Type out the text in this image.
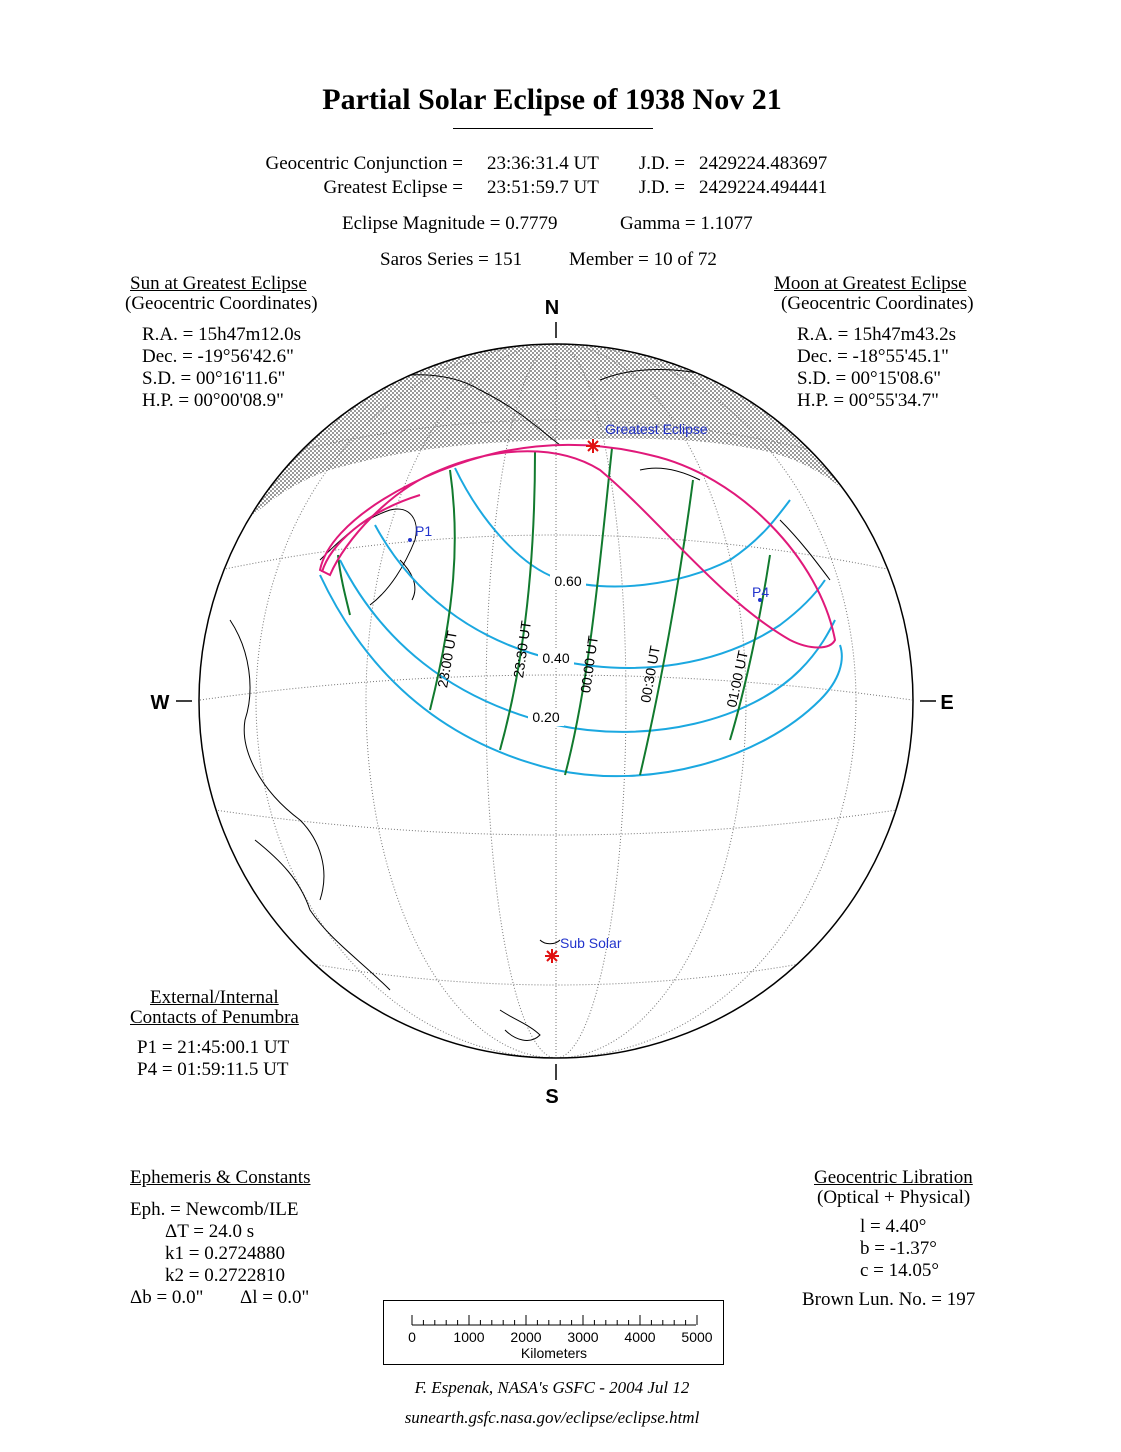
Partial Solar Eclipse of 1938 Nov 21
Geocentric Conjunction = 23:36:31.4 UT J.D. = 2429224.483697
Greatest Eclipse = 23:51:59.7 UT J.D. = 2429224.494441
Eclipse Magnitude = 0.7779	Gamma = 1.1077
Saros Series = 151 Member = 10 of 72
Sun at Greatest Eclipse
(Geocentric Coordinates)
R.A. = 15h47m12.0s
Dec. = -19°56'42.6"
S.D. = 00°16'11.6"
H.P. = 00°00'08.9"
Moon at Greatest Eclipse
(Geocentric Coordinates)
R.A. = 15h47m43.2s
Dec. = -18°55'45.1"
S.D. = 00°15'08.6"
H.P. = 00°55'34.7"
N
S
W	E
Greatest Eclipse
Sub Solar
P1
P4
0.60
0.40
0.20
23:00 UT	23:30 UT	00:00 UT	00:30 UT	01:00 UT
External/Internal
Contacts of Penumbra
P1 = 21:45:00.1 UT
P4 = 01:59:11.5 UT
Ephemeris & Constants
Eph. = Newcomb/ILE
ΔT = 24.0 s
k1 = 0.2724880
k2 = 0.2722810
Δb = 0.0" Δl = 0.0"
Geocentric Libration
(Optical + Physical)
l = 4.40°
b = -1.37°
c = 14.05°
Brown Lun. No. = 197
0	1000 2000 3000 4000 5000
Kilometers
F. Espenak, NASA's GSFC - 2004 Jul 12
sunearth.gsfc.nasa.gov/eclipse/eclipse.html
